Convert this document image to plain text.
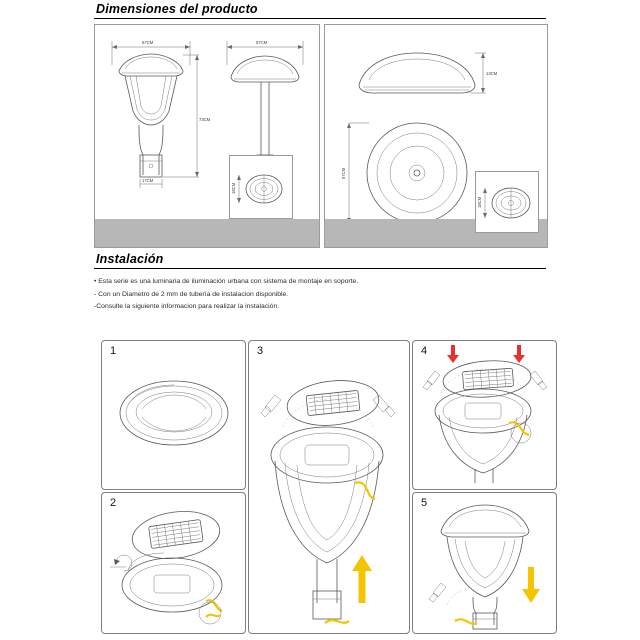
Dimensiones del producto
57CM
17CM
73CM
57CM
18CM
13CM
57CM
18CM
Instalación
• Esta serie es una luminaria de iluminación urbana con sistema de montaje en soporte.
- Con un Diametro de 2 mm de tubería de instalacion disponible.
-Consulte la siguiente informacion para realizar la instalación.
1
2
3	4
5
